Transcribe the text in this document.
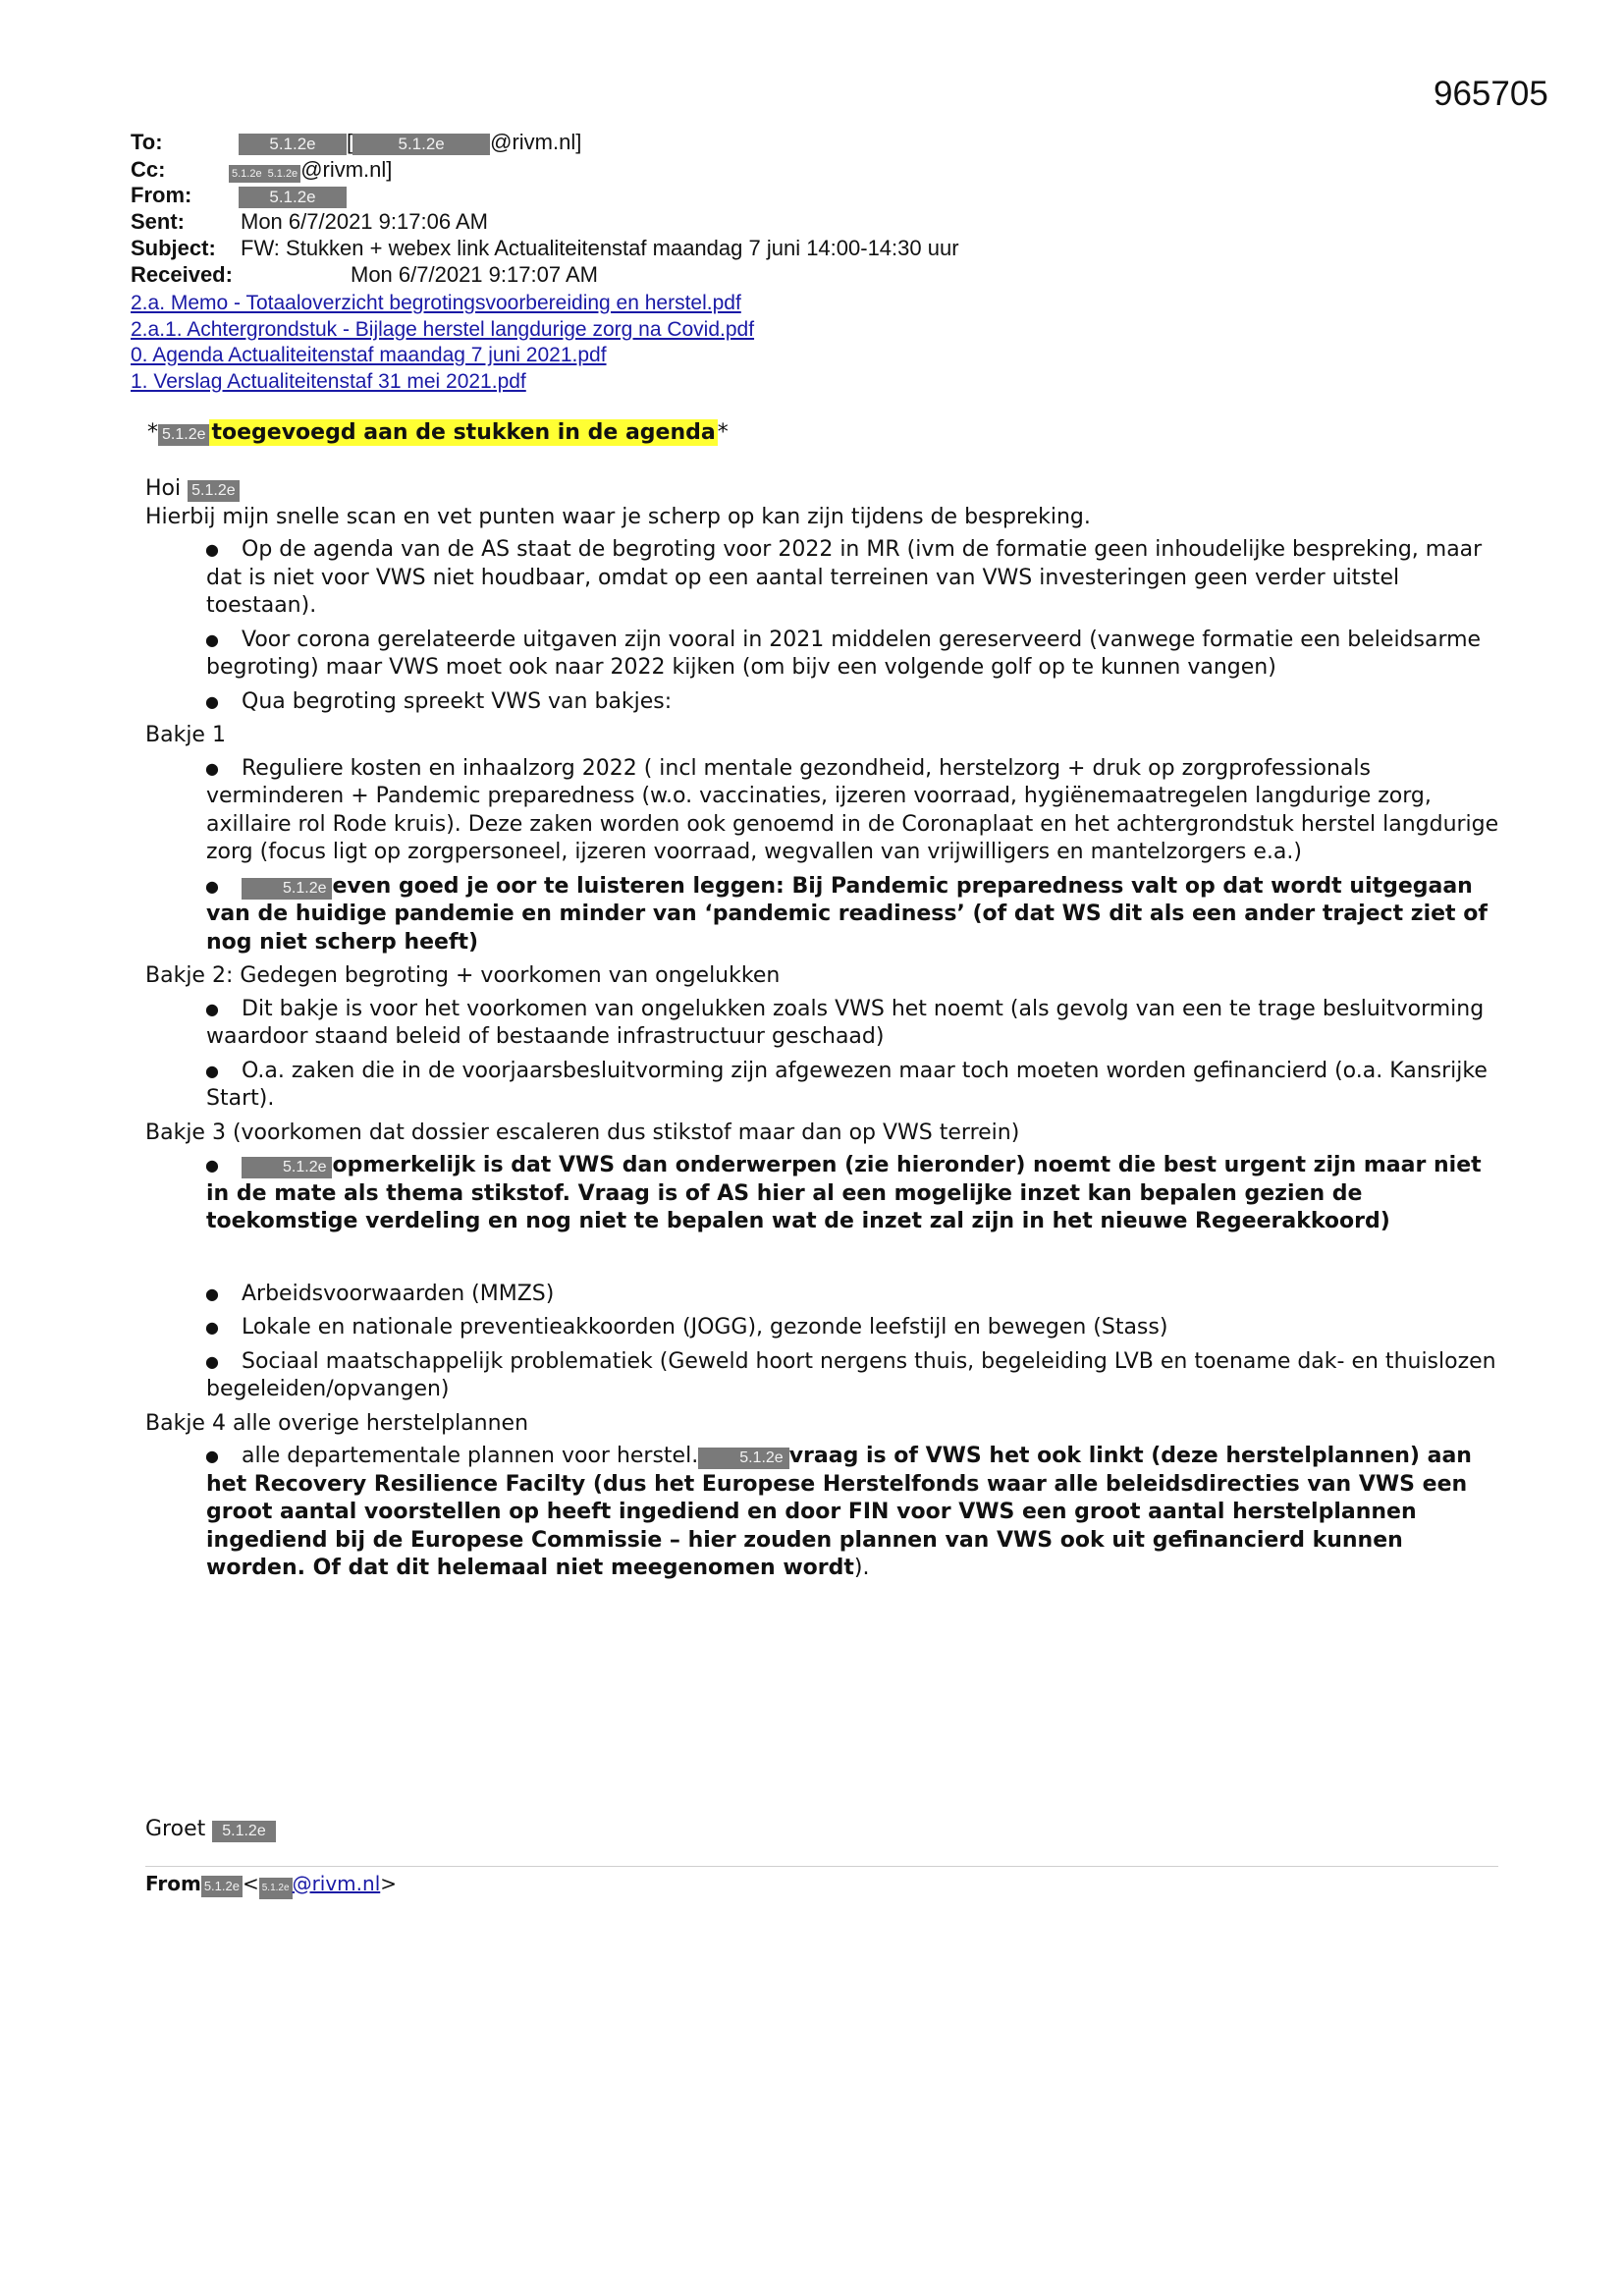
965705
To:	5.1.2e [	5.1.2e @rivm.nl]
Cc:	5.1.2e 5.1.2e @rivm.nl]
From:	5.1.2e
Sent:	Mon 6/7/2021 9:17:06 AM
Subject: FW: Stukken + webex link Actualiteitenstaf maandag 7 juni 14:00-14:30 uur
Received:	Mon 6/7/2021 9:17:07 AM
2.a. Memo - Totaaloverzicht begrotingsvoorbereiding en herstel.pdf
2.a.1. Achtergrondstuk - Bijlage herstel langdurige zorg na Covid.pdf
0. Agenda Actualiteitenstaf maandag 7 juni 2021.pdf
1. Verslag Actualiteitenstaf 31 mei 2021.pdf
* 5.1.2e toegevoegd aan de stukken in de agenda*

Hoi 5.1.2e

Hierbij mijn snelle scan en vet punten waar je scherp op kan zijn tijdens de bespreking.

● Op de agenda van de AS staat de begroting voor 2022 in MR (ivm de formatie geen inhoudelijke bespreking, maar dat is niet voor VWS niet houdbaar, omdat op een aantal terreinen van VWS investeringen geen verder uitstel toestaan).
● Voor corona gerelateerde uitgaven zijn vooral in 2021 middelen gereserveerd (vanwege formatie een beleidsarme begroting) maar VWS moet ook naar 2022 kijken (om bijv een volgende golf op te kunnen vangen)
● Qua begroting spreekt VWS van bakjes:

Bakje 1

● Reguliere kosten en inhaalzorg 2022 ( incl mentale gezondheid, herstelzorg + druk op zorgprofessionals verminderen + Pandemic preparedness (w.o. vaccinaties, ijzeren voorraad, hygiënemaatregelen langdurige zorg, axillaire rol Rode kruis). Deze zaken worden ook genoemd in de Coronaplaat en het achtergrondstuk herstel langdurige zorg (focus ligt op zorgpersoneel, ijzeren voorraad, wegvallen van vrijwilligers en mantelzorgers e.a.)
● 5.1.2e even goed je oor te luisteren leggen: Bij Pandemic preparedness valt op dat wordt uitgegaan van de huidige pandemie en minder van ‘pandemic readiness’ (of dat WS dit als een ander traject ziet of nog niet scherp heeft)

Bakje 2: Gedegen begroting + voorkomen van ongelukken

● Dit bakje is voor het voorkomen van ongelukken zoals VWS het noemt (als gevolg van een te trage besluitvorming waardoor staand beleid of bestaande infrastructuur geschaad)
● O.a. zaken die in de voorjaarsbesluitvorming zijn afgewezen maar toch moeten worden gefinancierd (o.a. Kansrijke Start).

Bakje 3 (voorkomen dat dossier escaleren dus stikstof maar dan op VWS terrein)

● 5.1.2e opmerkelijk is dat VWS dan onderwerpen (zie hieronder) noemt die best urgent zijn maar niet in de mate als thema stikstof. Vraag is of AS hier al een mogelijke inzet kan bepalen gezien de toekomstige verdeling en nog niet te bepalen wat de inzet zal zijn in het nieuwe Regeerakkoord)
● Arbeidsvoorwaarden (MMZS)
● Lokale en nationale preventieakkoorden (JOGG), gezonde leefstijl en bewegen (Stass)
● Sociaal maatschappelijk problematiek (Geweld hoort nergens thuis, begeleiding LVB en toename dak- en thuislozen begeleiden/opvangen)

Bakje 4 alle overige herstelplannen

● alle departementale plannen voor herstel.	5.1.2e vraag is of VWS het ook linkt (deze herstelplannen) aan het Recovery Resilience Facilty (dus het Europese Herstelfonds waar alle beleidsdirecties van VWS een groot aantal voorstellen op heeft ingediend en door FIN voor VWS een groot aantal herstelplannen ingediend bij de Europese Commissie – hier zouden plannen van VWS ook uit gefinancierd kunnen worden. Of dat dit helemaal niet meegenomen wordt).
Groet 5.1.2e
From 5.1.2e < 5.1.2e @rivm.nl>
